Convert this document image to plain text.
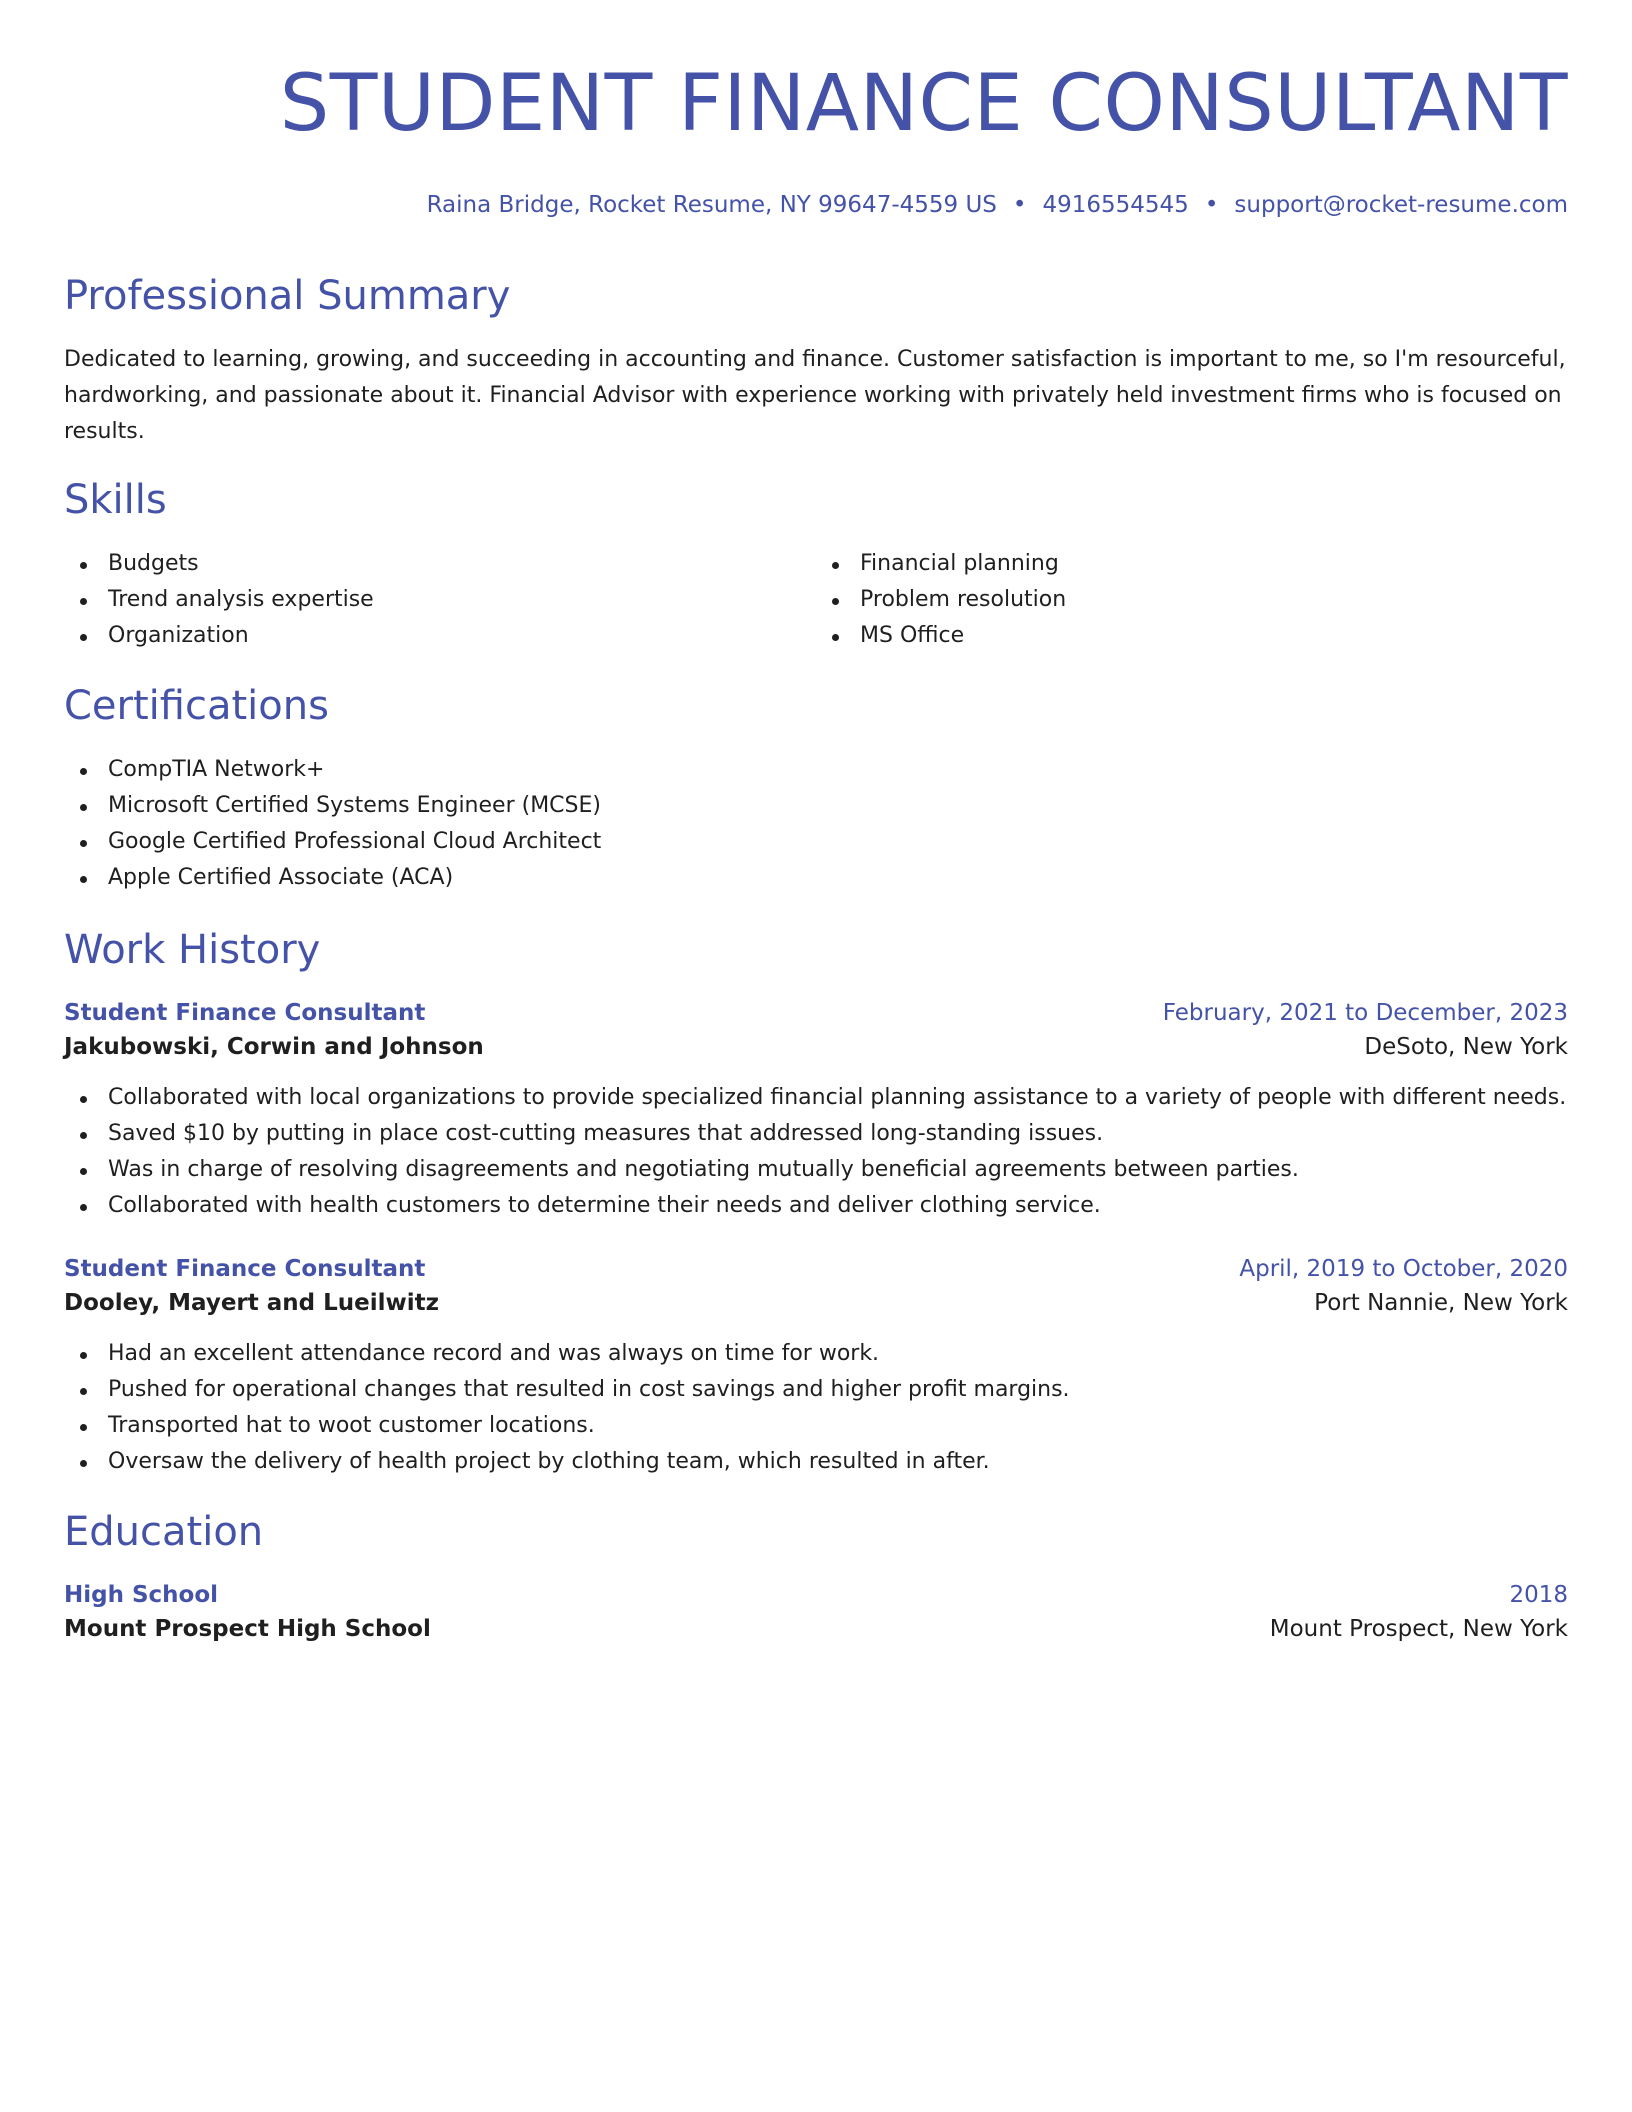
STUDENT FINANCE CONSULTANT
Raina Bridge, Rocket Resume, NY 99647-4559 US • 4916554545 • support@rocket-resume.com
Professional Summary

Dedicated to learning, growing, and succeeding in accounting and finance. Customer satisfaction is important to me, so I'm resourceful, hardworking, and passionate about it. Financial Advisor with experience working with privately held investment firms who is focused on results.

Skills
Budgets
Trend analysis expertise
Organization
Financial planning
Problem resolution
MS Office
Certifications
CompTIA Network+
Microsoft Certified Systems Engineer (MCSE)
Google Certified Professional Cloud Architect
Apple Certified Associate (ACA)
Work History
Student Finance Consultant	February, 2021 to December, 2023
Jakubowski, Corwin and Johnson	DeSoto, New York
Collaborated with local organizations to provide specialized financial planning assistance to a variety of people with different needs.
Saved $10 by putting in place cost-cutting measures that addressed long-standing issues.
Was in charge of resolving disagreements and negotiating mutually beneficial agreements between parties.
Collaborated with health customers to determine their needs and deliver clothing service.
Student Finance Consultant	April, 2019 to October, 2020
Dooley, Mayert and Lueilwitz	Port Nannie, New York
Had an excellent attendance record and was always on time for work.
Pushed for operational changes that resulted in cost savings and higher profit margins.
Transported hat to woot customer locations.
Oversaw the delivery of health project by clothing team, which resulted in after.
Education
High School	2018
Mount Prospect High School	Mount Prospect, New York
